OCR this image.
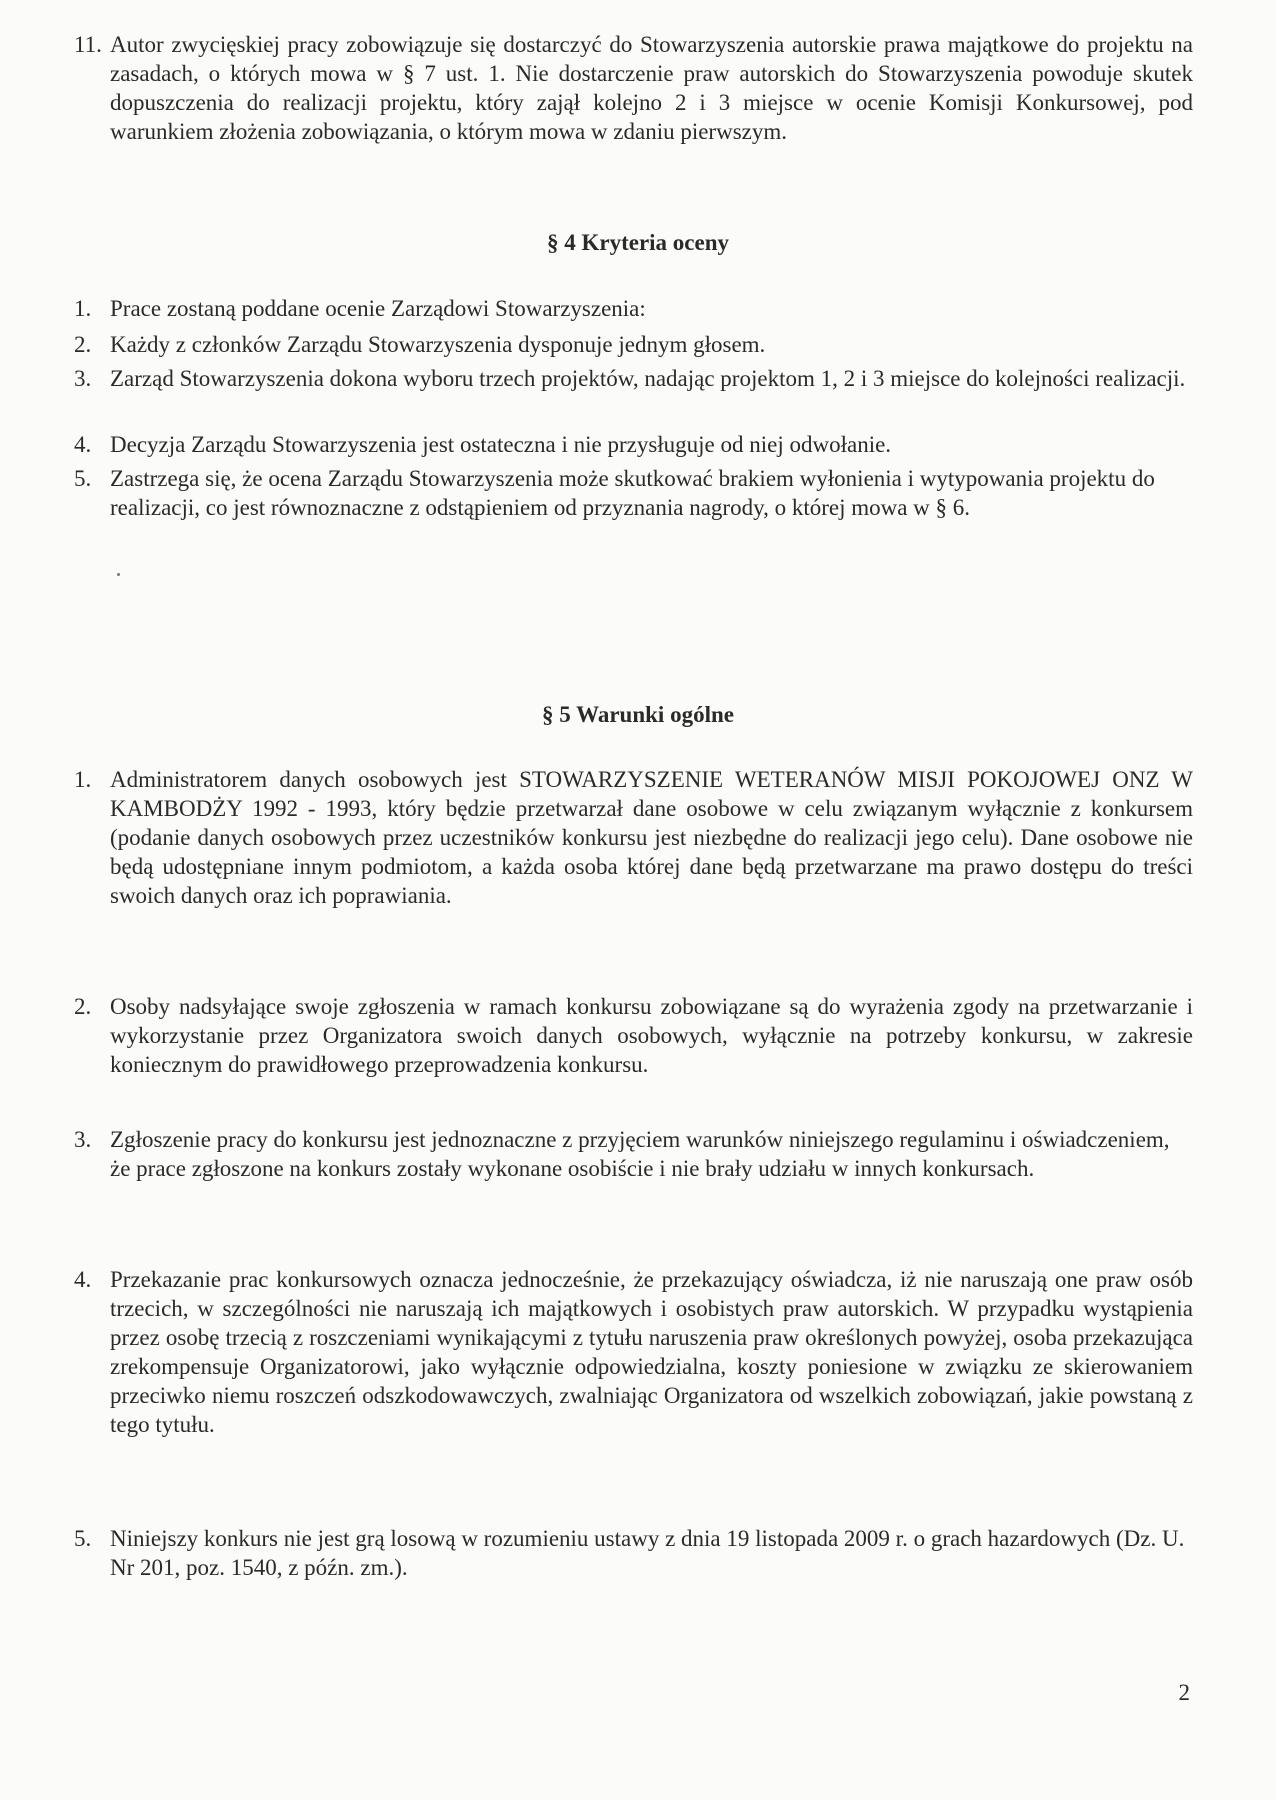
11. Autor zwycięskiej pracy zobowiązuje się dostarczyć do Stowarzyszenia autorskie prawa majątkowe do projektu na zasadach, o których mowa w § 7 ust. 1. Nie dostarczenie praw autorskich do Stowarzyszenia powoduje skutek dopuszczenia do realizacji projektu, który zajął kolejno 2 i 3 miejsce w ocenie Komisji Konkursowej, pod warunkiem złożenia zobowiązania, o którym mowa w zdaniu pierwszym.
§ 4 Kryteria oceny
1. Prace zostaną poddane ocenie Zarządowi Stowarzyszenia:
2. Każdy z członków Zarządu Stowarzyszenia dysponuje jednym głosem.
3. Zarząd Stowarzyszenia dokona wyboru trzech projektów, nadając projektom 1, 2 i 3 miejsce do kolejności realizacji.
4. Decyzja Zarządu Stowarzyszenia jest ostateczna i nie przysługuje od niej odwołanie.
5. Zastrzega się, że ocena Zarządu Stowarzyszenia może skutkować brakiem wyłonienia i wytypowania projektu do realizacji, co jest równoznaczne z odstąpieniem od przyznania nagrody, o której mowa w § 6.
§ 5 Warunki ogólne
1. Administratorem danych osobowych jest STOWARZYSZENIE WETERANÓW MISJI POKOJOWEJ ONZ W KAMBODŻY 1992 - 1993, który będzie przetwarzał dane osobowe w celu związanym wyłącznie z konkursem (podanie danych osobowych przez uczestników konkursu jest niezbędne do realizacji jego celu). Dane osobowe nie będą udostępniane innym podmiotom, a każda osoba której dane będą przetwarzane ma prawo dostępu do treści swoich danych oraz ich poprawiania.
2. Osoby nadsyłające swoje zgłoszenia w ramach konkursu zobowiązane są do wyrażenia zgody na przetwarzanie i wykorzystanie przez Organizatora swoich danych osobowych, wyłącznie na potrzeby konkursu, w zakresie koniecznym do prawidłowego przeprowadzenia konkursu.
3. Zgłoszenie pracy do konkursu jest jednoznaczne z przyjęciem warunków niniejszego regulaminu i oświadczeniem, że prace zgłoszone na konkurs zostały wykonane osobiście i nie brały udziału w innych konkursach.
4. Przekazanie prac konkursowych oznacza jednocześnie, że przekazujący oświadcza, iż nie naruszają one praw osób trzecich, w szczególności nie naruszają ich majątkowych i osobistych praw autorskich. W przypadku wystąpienia przez osobę trzecią z roszczeniami wynikającymi z tytułu naruszenia praw określonych powyżej, osoba przekazująca zrekompensuje Organizatorowi, jako wyłącznie odpowiedzialna, koszty poniesione w związku ze skierowaniem przeciwko niemu roszczeń odszkodowawczych, zwalniając Organizatora od wszelkich zobowiązań, jakie powstaną z tego tytułu.
5. Niniejszy konkurs nie jest grą losową w rozumieniu ustawy z dnia 19 listopada 2009 r. o grach hazardowych (Dz. U. Nr 201, poz. 1540, z późn. zm.).
2
